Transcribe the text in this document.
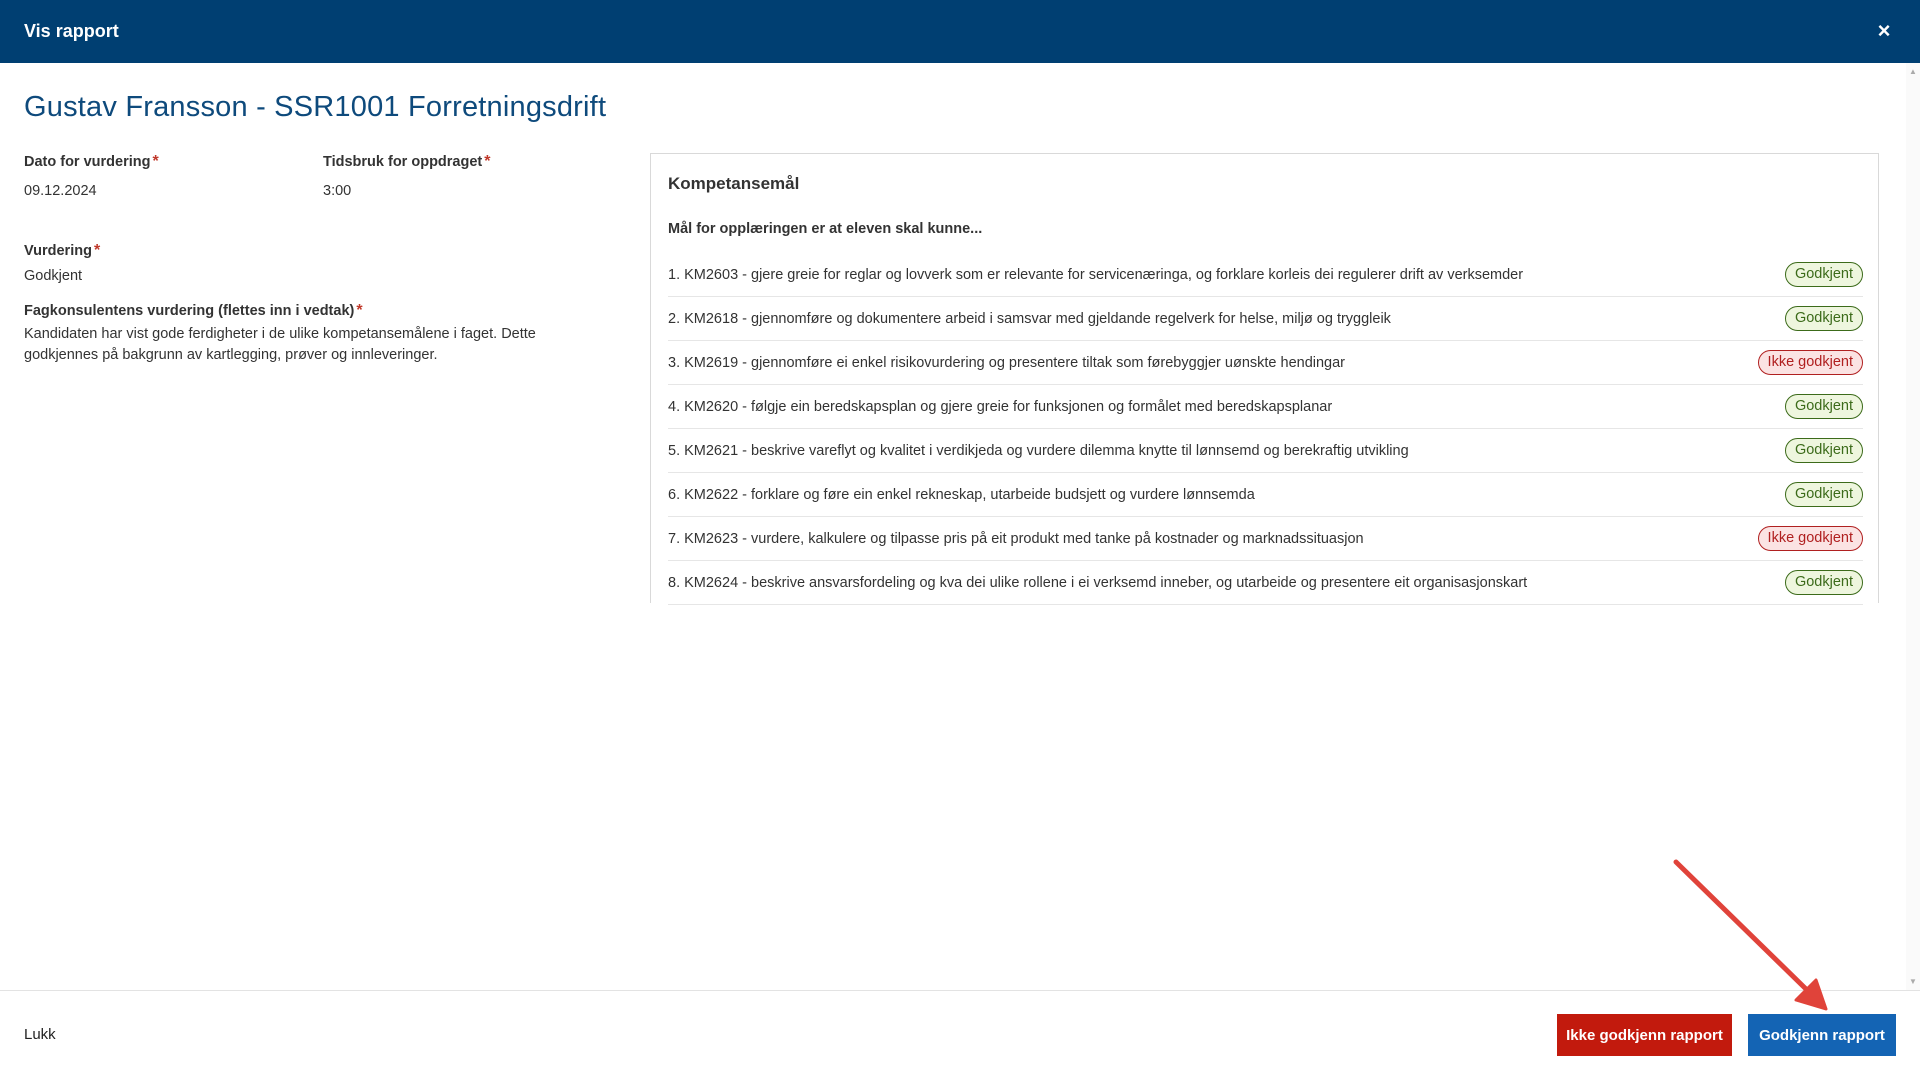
Vis rapport	×
Gustav Fransson - SSR1001 Forretningsdrift
Dato for vurdering *
09.12.2024
Tidsbruk for oppdraget *
3:00
Vurdering *
Godkjent
Fagkonsulentens vurdering (flettes inn i vedtak) *
Kandidaten har vist gode ferdigheter i de ulike kompetansemålene i faget. Dette godkjennes på bakgrunn av kartlegging, prøver og innleveringer.
Kompetansemål
Mål for opplæringen er at eleven skal kunne...
1. KM2603 - gjere greie for reglar og lovverk som er relevante for servicenæringa, og forklare korleis dei regulerer drift av verksemder	Godkjent
2. KM2618 - gjennomføre og dokumentere arbeid i samsvar med gjeldande regelverk for helse, miljø og tryggleik	Godkjent
3. KM2619 - gjennomføre ei enkel risikovurdering og presentere tiltak som førebyggjer uønskte hendingar	Ikke godkjent
4. KM2620 - følgje ein beredskapsplan og gjere greie for funksjonen og formålet med beredskapsplanar	Godkjent
5. KM2621 - beskrive vareflyt og kvalitet i verdikjeda og vurdere dilemma knytte til lønnsemd og berekraftig utvikling	Godkjent
6. KM2622 - forklare og føre ein enkel rekneskap, utarbeide budsjett og vurdere lønnsemda	Godkjent
7. KM2623 - vurdere, kalkulere og tilpasse pris på eit produkt med tanke på kostnader og marknadssituasjon	Ikke godkjent
8. KM2624 - beskrive ansvarsfordeling og kva dei ulike rollene i ei verksemd inneber, og utarbeide og presentere eit organisasjonskart	Godkjent
▲
▼
Lukk	Ikke godkjenn rapport	Godkjenn rapport
